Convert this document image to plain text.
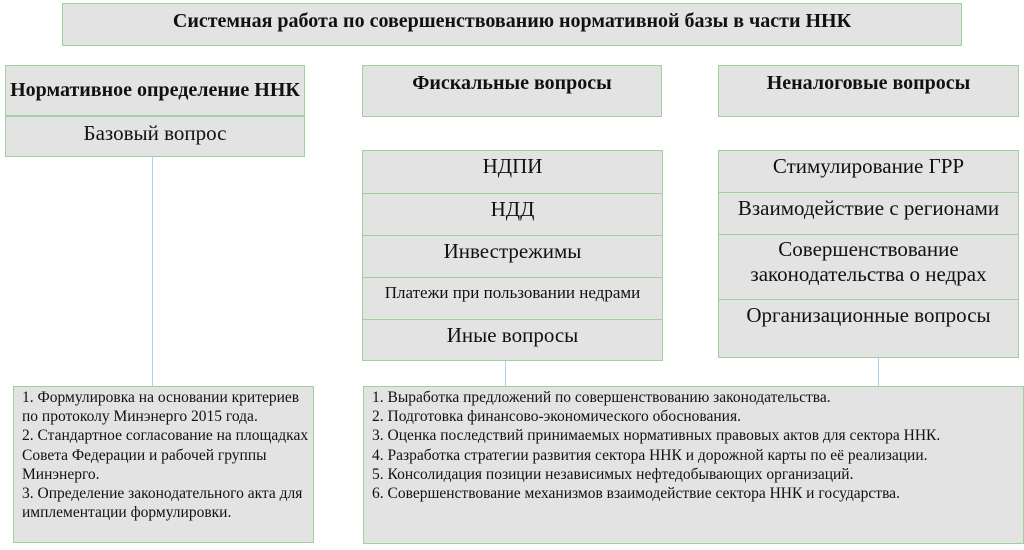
Системная работа по совершенствованию нормативной базы в части ННК
Нормативное определение ННК
Базовый вопрос
Фискальные вопросы	Неналоговые вопросы
НДПИ
НДД
Инвестрежимы
Платежи при пользовании недрами
Иные вопросы
Стимулирование ГРР
Взаимодействие с регионами
Совершенствование законодательства о недрах
Организационные вопросы
1. Формулировка на основании критериев по протоколу Минэнерго 2015 года.
2. Стандартное согласование на площадках Совета Федерации и рабочей группы Минэнерго.
3. Определение законодательного акта для имплементации формулировки.
1. Выработка предложений по совершенствованию законодательства.
2. Подготовка финансово-экономического обоснования.
3. Оценка последствий принимаемых нормативных правовых актов для сектора ННК.
4. Разработка стратегии развития сектора ННК и дорожной карты по её реализации.
5. Консолидация позиции независимых нефтедобывающих организаций.
6. Совершенствование механизмов взаимодействие сектора ННК и государства.
